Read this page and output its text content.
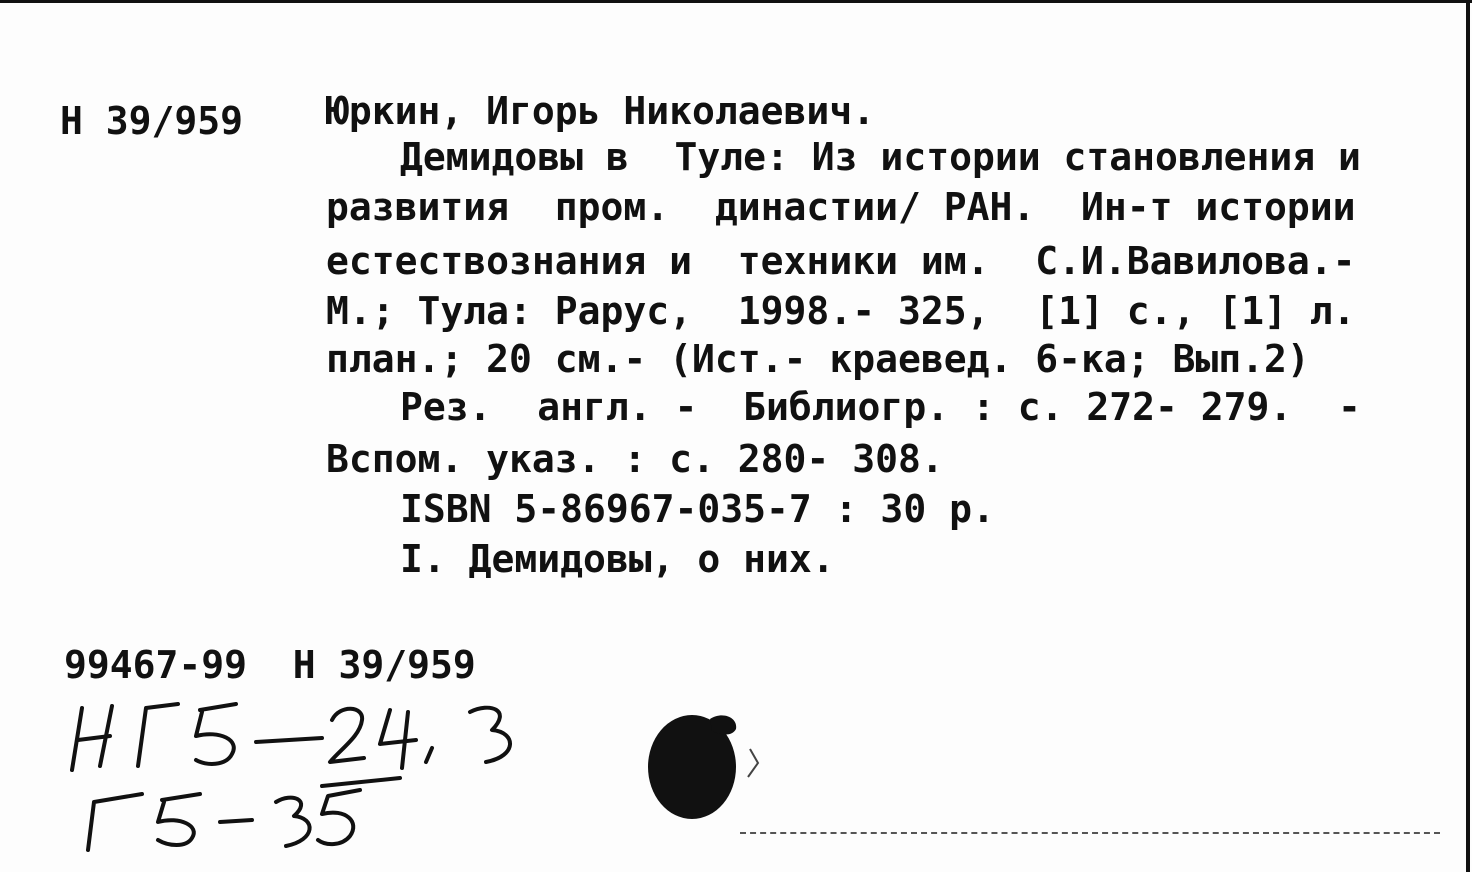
Н 39/959 Юркин, Игорь Николаевич.
Демидовы в  Туле: Из истории становления и
развития  пром.  династии/ РАН.  Ин-т истории
естествознания и  техники им.  С.И.Вавилова.-
М.; Тула: Рарус,  1998.- 325,  [1] с., [1] л.
план.; 20 см.- (Ист.- краевед. 6-ка; Вып.2)
Рез.  англ. -  Библиогр. : с. 272- 279.  -
Вспом. указ. : с. 280- 308.
ISBN 5-86967-035-7 : 30 р.
I. Демидовы, о них.
99467-99  Н 39/959
